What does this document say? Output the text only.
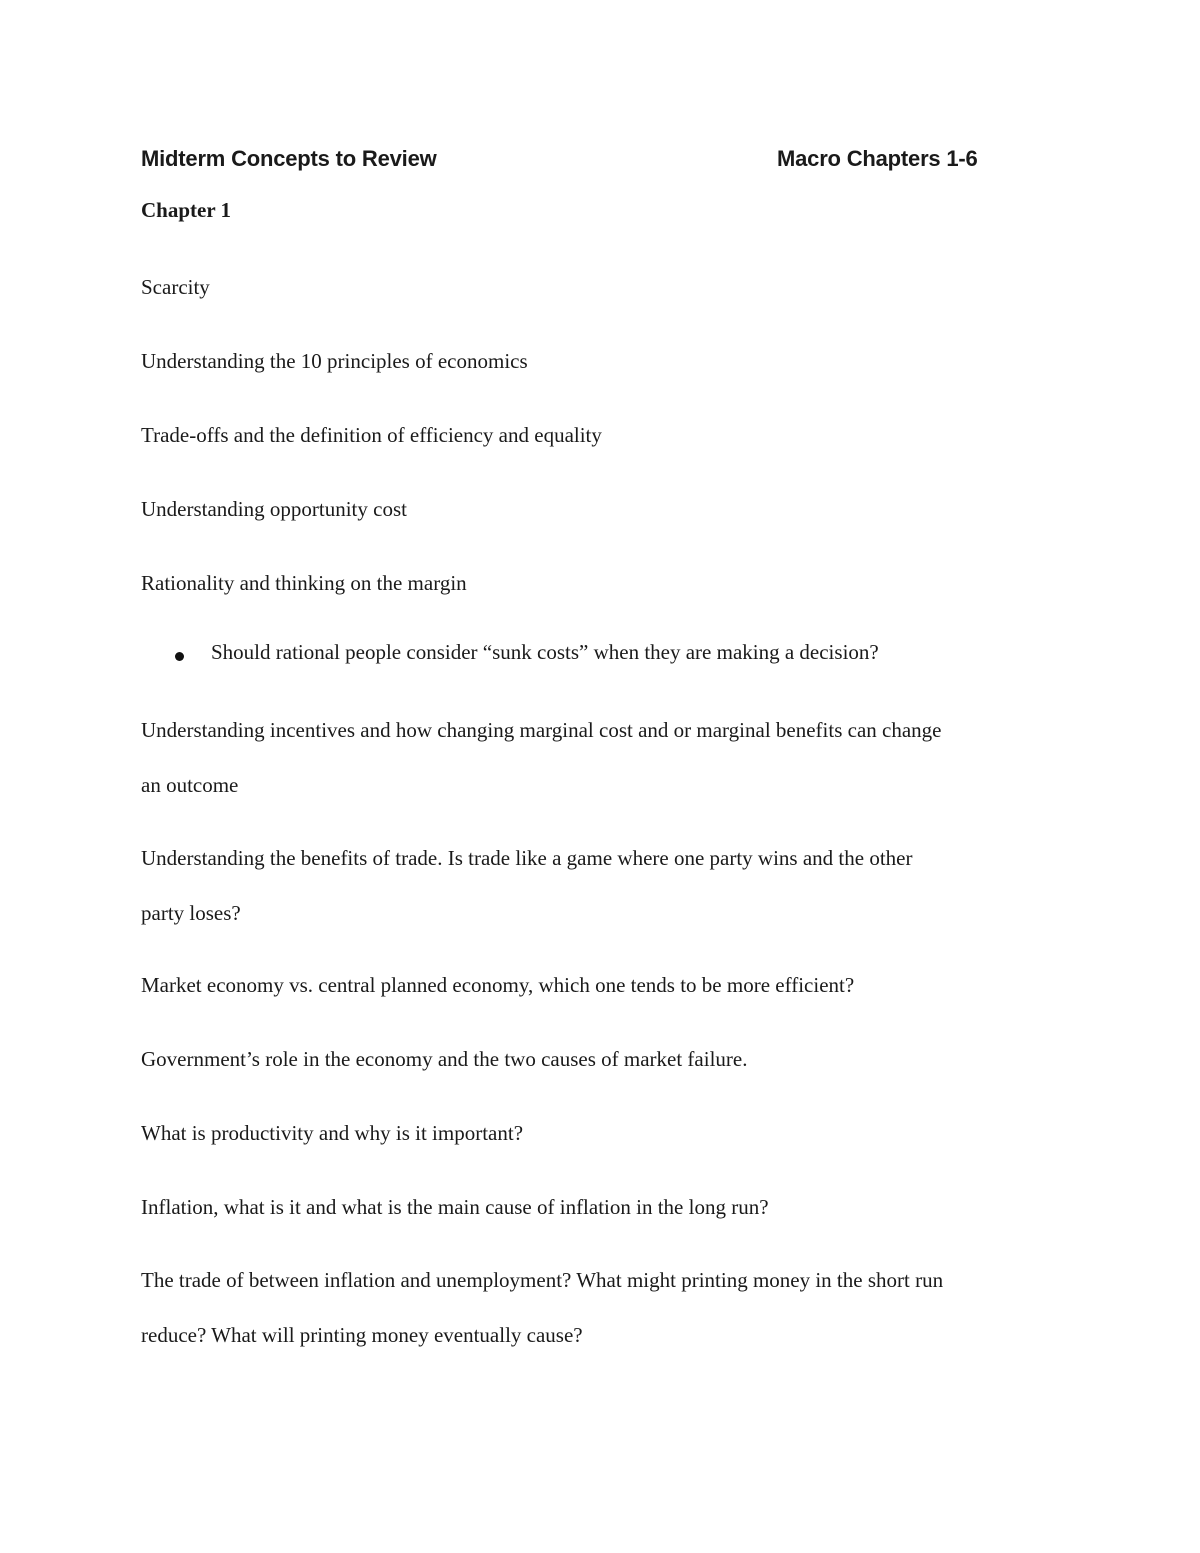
Midterm Concepts to Review	Macro Chapters 1-6
Chapter 1
Scarcity
Understanding the 10 principles of economics
Trade-offs and the definition of efficiency and equality
Understanding opportunity cost
Rationality and thinking on the margin
Should rational people consider “sunk costs” when they are making a decision?
Understanding incentives and how changing marginal cost and or marginal benefits can change
an outcome
Understanding the benefits of trade. Is trade like a game where one party wins and the other
party loses?
Market economy vs. central planned economy, which one tends to be more efficient?
Government’s role in the economy and the two causes of market failure.
What is productivity and why is it important?
Inflation, what is it and what is the main cause of inflation in the long run?
The trade of between inflation and unemployment? What might printing money in the short run
reduce? What will printing money eventually cause?
